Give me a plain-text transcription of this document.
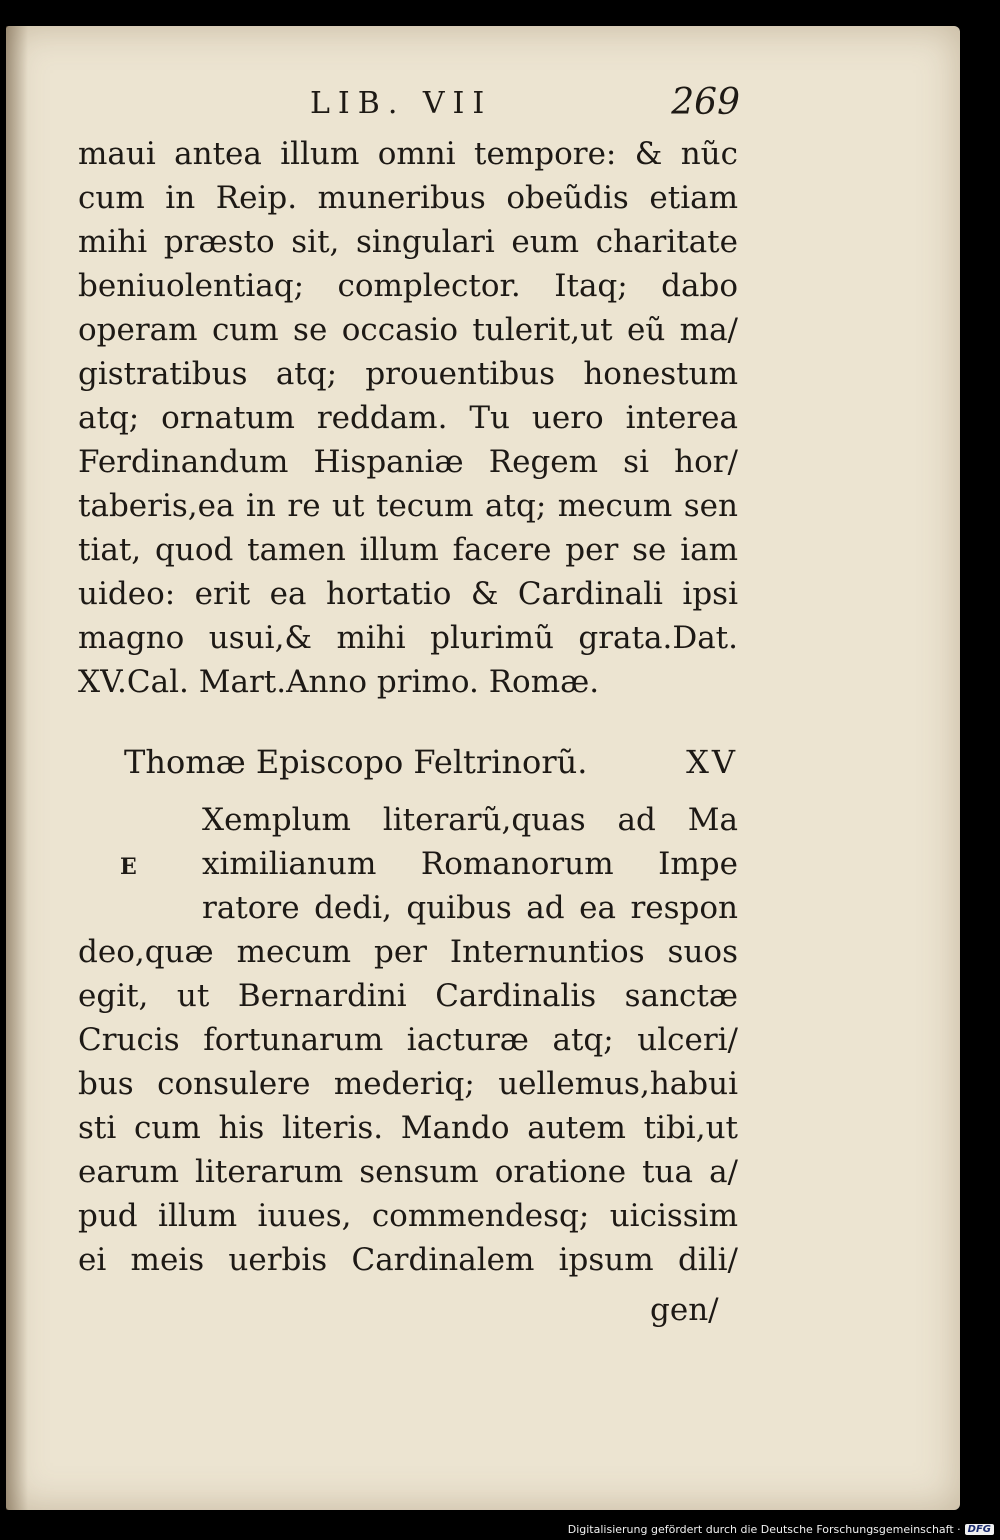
LIB. VII	269
maui antea illum omni tempore: & nũc
cum in Reip. muneribus obeũdis etiam
mihi præsto sit, singulari eum charitate
beniuolentiaq; complector. Itaq; dabo
operam cum se occasio tulerit,ut eũ ma/
gistratibus atq; prouentibus honestum
atq; ornatum reddam. Tu uero interea
Ferdinandum Hispaniæ Regem si hor/
taberis,ea in re ut tecum atq; mecum sen
tiat, quod tamen illum facere per se iam
uideo: erit ea hortatio & Cardinali ipsi
magno usui,& mihi plurimũ grata.Dat.
XV.Cal. Mart.Anno primo. Romæ.
Thomæ Episcopo Feltrinorũ.	XV
E
Xemplum literarũ,quas ad Ma
ximilianum Romanorum Impe
ratore dedi, quibus ad ea respon
deo,quæ mecum per Internuntios suos
egit, ut Bernardini Cardinalis sanctæ
Crucis fortunarum iacturæ atq; ulceri/
bus consulere mederiq; uellemus,habui
sti cum his literis. Mando autem tibi,ut
earum literarum sensum oratione tua a/
pud illum iuues, commendesq; uicissim
ei meis uerbis Cardinalem ipsum dili/
gen/
Digitalisierung gefördert durch die Deutsche Forschungsgemeinschaft · DFG
